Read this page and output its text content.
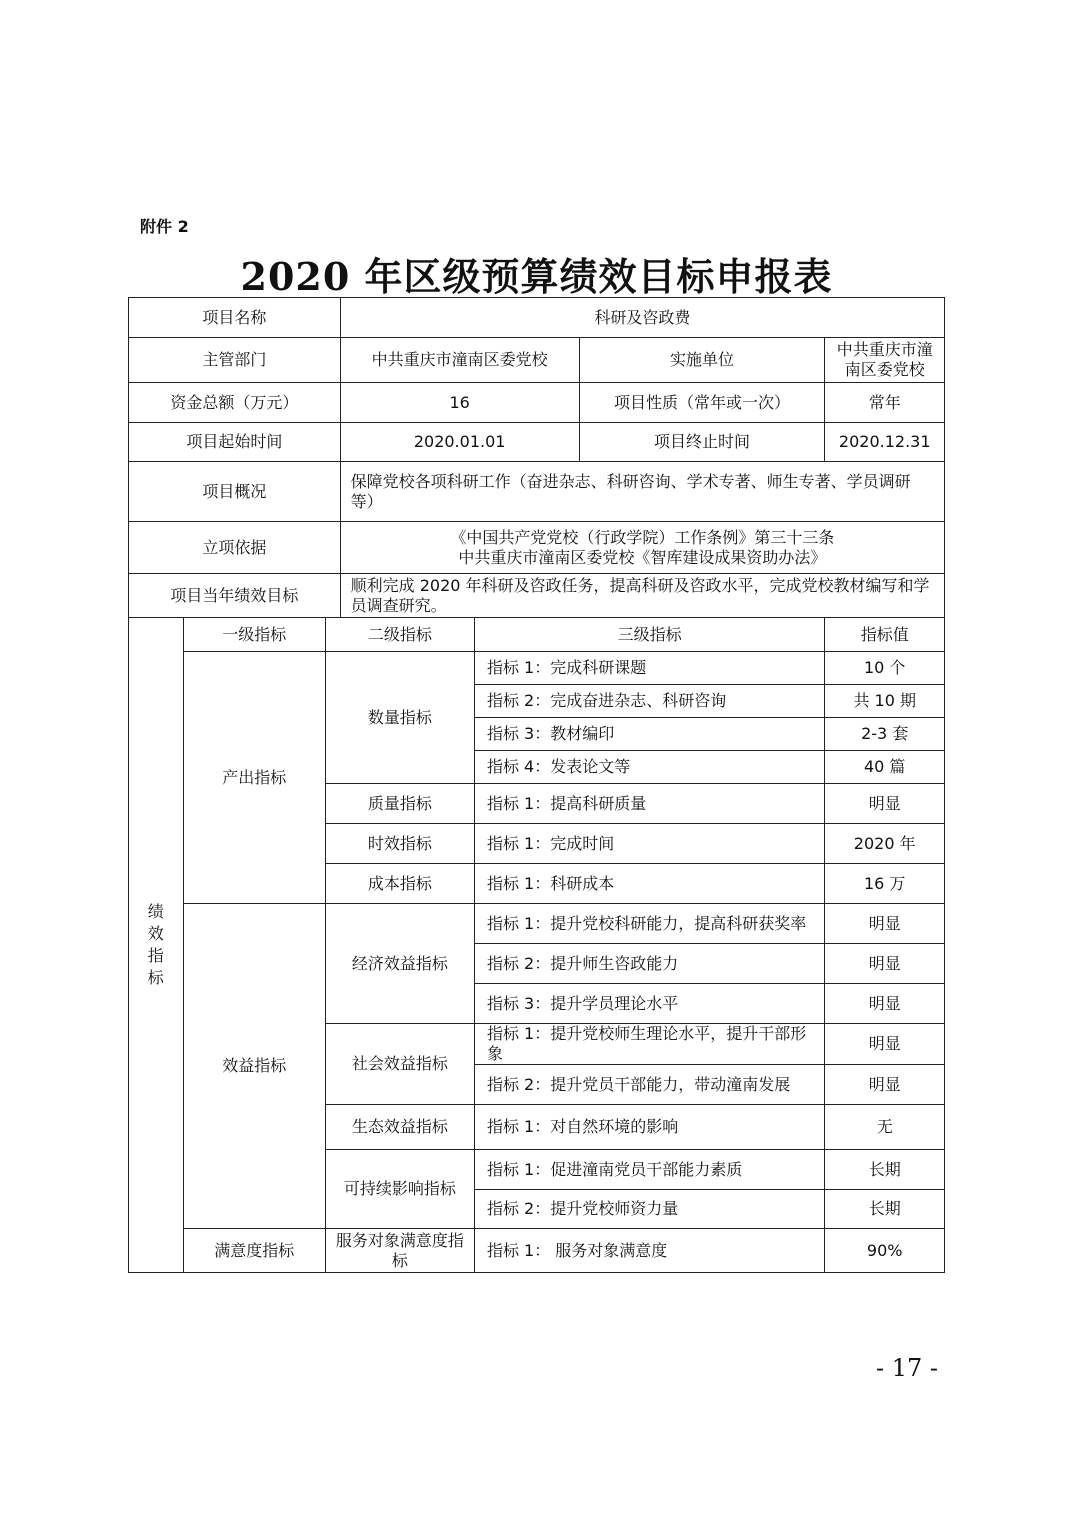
附件 2
2020 年区级预算绩效目标申报表
项目名称			科研及咨政费			
主管部门			中共重庆市潼南区委党校		实施单位	中共重庆市潼南区委党校
资金总额（万元）			16		项目性质（常年或一次）	常年
项目起始时间			2020.01.01		项目终止时间	2020.12.31
项目概况			保障党校各项科研工作（奋进杂志、科研咨询、学术专著、师生专著、学员调研等）			
立项依据			《中国共产党党校（行政学院）工作条例》第三十三条
中共重庆市潼南区委党校《智库建设成果资助办法》			

项目当年绩效目标			顺利完成 2020 年科研及咨政任务，提高科研及咨政水平，完成党校教材编写和学员调查研究。			
绩效指标	一级指标	二级指标		三级指标		指标值
	产出指标	数量指标		指标 1：完成科研课题		10 个
				指标 2：完成奋进杂志、科研咨询		共 10 期
				指标 3：教材编印		2-3 套
				指标 4：发表论文等		40 篇
		质量指标		指标 1：提高科研质量		明显
		时效指标		指标 1：完成时间		2020 年
		成本指标		指标 1：科研成本		16 万
	效益指标	经济效益指标		指标 1：提升党校科研能力，提高科研获奖率		明显
				指标 2：提升师生咨政能力		明显
				指标 3：提升学员理论水平		明显
		社会效益指标		指标 1：提升党校师生理论水平，提升干部形象		明显
				指标 2：提升党员干部能力，带动潼南发展		明显
		生态效益指标		指标 1：对自然环境的影响		无
		可持续影响指标		指标 1：促进潼南党员干部能力素质		长期
				指标 2：提升党校师资力量		长期
	满意度指标	服务对象满意度指标		指标 1： 服务对象满意度		90%
- 17 -
